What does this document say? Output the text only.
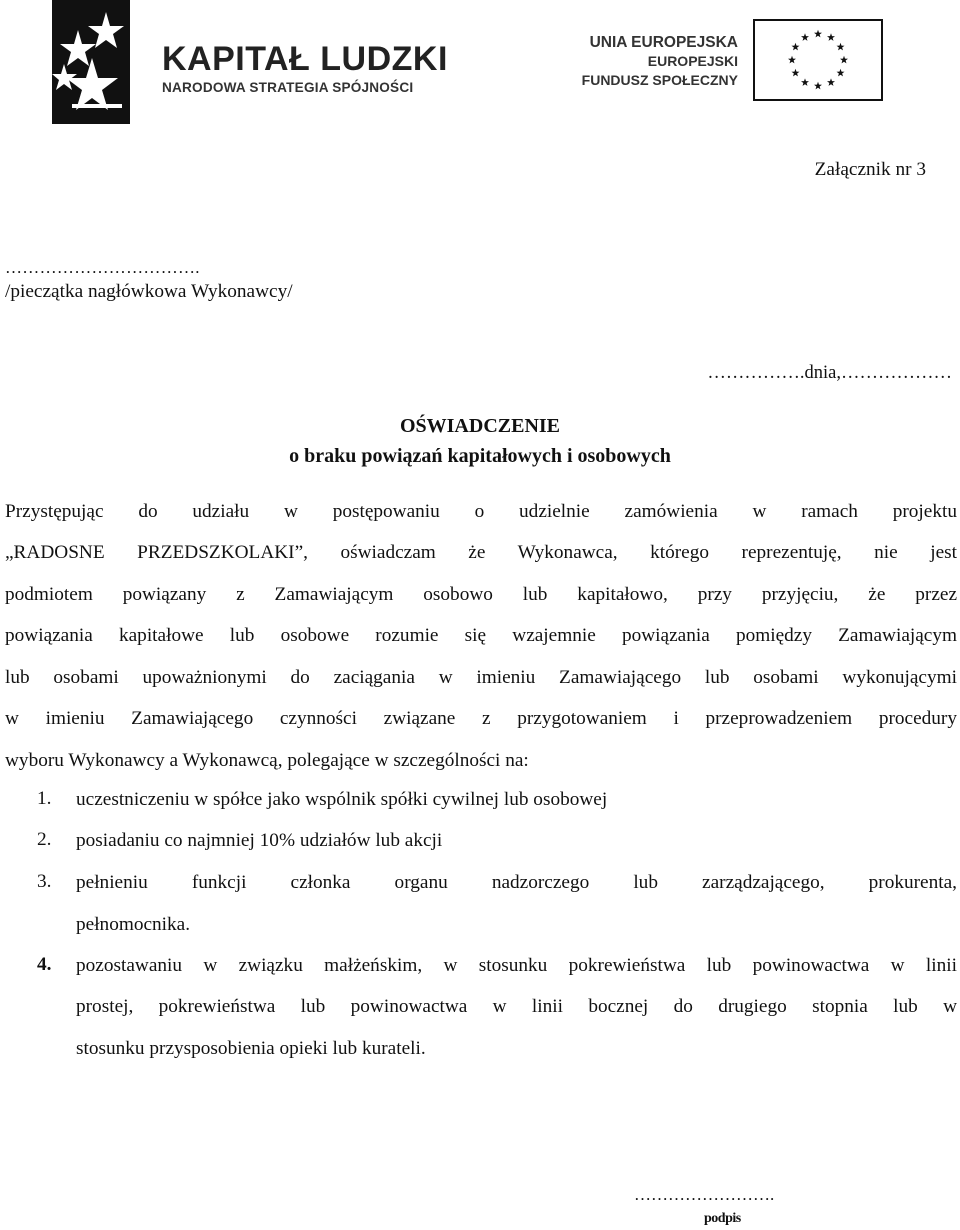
KAPITAŁ LUDZKI
NARODOWA STRATEGIA SPÓJNOŚCI
UNIA EUROPEJSKA
EUROPEJSKI
FUNDUSZ SPOŁECZNY
Załącznik nr 3
…………………………….
/pieczątka nagłówkowa Wykonawcy/
…………….dnia,………………
OŚWIADCZENIE
o braku powiązań kapitałowych i osobowych
Przystępując do udziału w postępowaniu o udzielnie zamówienia w ramach projektu
„RADOSNE PRZEDSZKOLAKI”, oświadczam że Wykonawca, którego reprezentuję, nie jest
podmiotem powiązany z Zamawiającym osobowo lub kapitałowo, przy przyjęciu, że przez
powiązania kapitałowe lub osobowe rozumie się wzajemnie powiązania pomiędzy Zamawiającym
lub osobami upoważnionymi do zaciągania w imieniu Zamawiającego lub osobami wykonującymi
w imieniu Zamawiającego czynności związane z przygotowaniem i przeprowadzeniem procedury
wyboru Wykonawcy a Wykonawcą, polegające w szczególności na:
1. uczestniczeniu w spółce jako wspólnik spółki cywilnej lub osobowej
2. posiadaniu co najmniej 10% udziałów lub akcji
3. pełnieniu funkcji członka organu nadzorczego lub zarządzającego, prokurenta,
pełnomocnika.
4. pozostawaniu w związku małżeńskim, w stosunku pokrewieństwa lub powinowactwa w linii
prostej, pokrewieństwa lub powinowactwa w linii bocznej do drugiego stopnia lub w
stosunku przysposobienia opieki lub kurateli.
…………………….
podpis
